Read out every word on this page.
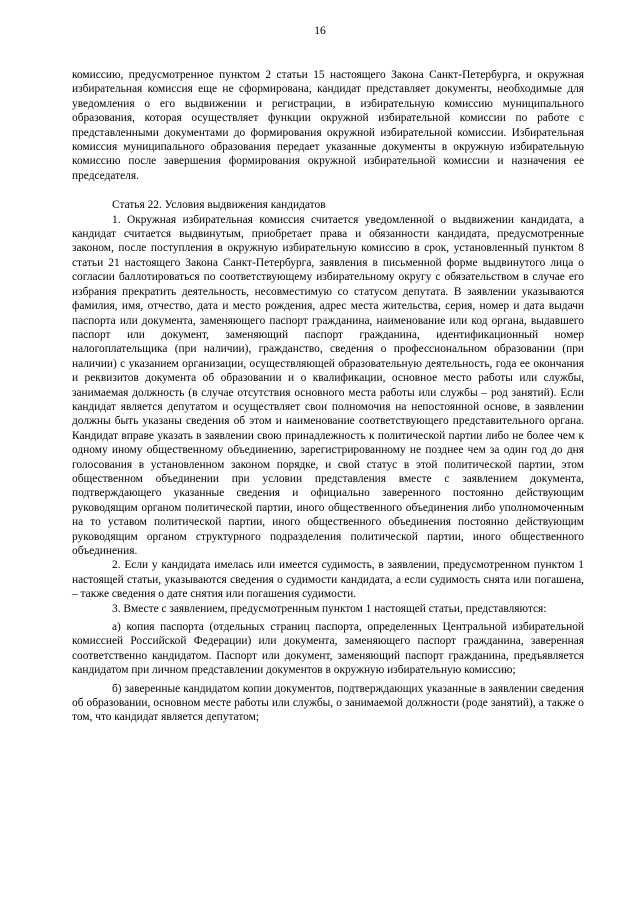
16

комиссию, предусмотренное пунктом 2 статьи 15 настоящего Закона Санкт-Петербурга, и окружная избирательная комиссия еще не сформирована, кандидат представляет документы, необходимые для уведомления о его выдвижении и регистрации, в избирательную комиссию муниципального образования, которая осуществляет функции окружной избирательной комиссии по работе с представленными документами до формирования окружной избирательной комиссии. Избирательная комиссия муниципального образования передает указанные документы в окружную избирательную комиссию после завершения формирования окружной избирательной комиссии и назначения ее председателя.

Статья 22. Условия выдвижения кандидатов

1. Окружная избирательная комиссия считается уведомленной о выдвижении кандидата, а кандидат считается выдвинутым, приобретает права и обязанности кандидата, предусмотренные законом, после поступления в окружную избирательную комиссию в срок, установленный пунктом 8 статьи 21 настоящего Закона Санкт-Петербурга, заявления в письменной форме выдвинутого лица о согласии баллотироваться по соответствующему избирательному округу с обязательством в случае его избрания прекратить деятельность, несовместимую со статусом депутата. В заявлении указываются фамилия, имя, отчество, дата и место рождения, адрес места жительства, серия, номер и дата выдачи паспорта или документа, заменяющего паспорт гражданина, наименование или код органа, выдавшего паспорт или документ, заменяющий паспорт гражданина, идентификационный номер налогоплательщика (при наличии), гражданство, сведения о профессиональном образовании (при наличии) с указанием организации, осуществляющей образовательную деятельность, года ее окончания и реквизитов документа об образовании и о квалификации, основное место работы или службы, занимаемая должность (в случае отсутствия основного места работы или службы – род занятий). Если кандидат является депутатом и осуществляет свои полномочия на непостоянной основе, в заявлении должны быть указаны сведения об этом и наименование соответствующего представительного органа. Кандидат вправе указать в заявлении свою принадлежность к политической партии либо не более чем к одному иному общественному объединению, зарегистрированному не позднее чем за один год до дня голосования в установленном законом порядке, и свой статус в этой политической партии, этом общественном объединении при условии представления вместе с заявлением документа, подтверждающего указанные сведения и официально заверенного постоянно действующим руководящим органом политической партии, иного общественного объединения либо уполномоченным на то уставом политической партии, иного общественного объединения постоянно действующим руководящим органом структурного подразделения политической партии, иного общественного объединения.

2. Если у кандидата имелась или имеется судимость, в заявлении, предусмотренном пунктом 1 настоящей статьи, указываются сведения о судимости кандидата, а если судимость снята или погашена, – также сведения о дате снятия или погашения судимости.

3. Вместе с заявлением, предусмотренным пунктом 1 настоящей статьи, представляются:

а) копия паспорта (отдельных страниц паспорта, определенных Центральной избирательной комиссией Российской Федерации) или документа, заменяющего паспорт гражданина, заверенная соответственно кандидатом. Паспорт или документ, заменяющий паспорт гражданина, предъявляется кандидатом при личном представлении документов в окружную избирательную комиссию;

б) заверенные кандидатом копии документов, подтверждающих указанные в заявлении сведения об образовании, основном месте работы или службы, о занимаемой должности (роде занятий), а также о том, что кандидат является депутатом;
